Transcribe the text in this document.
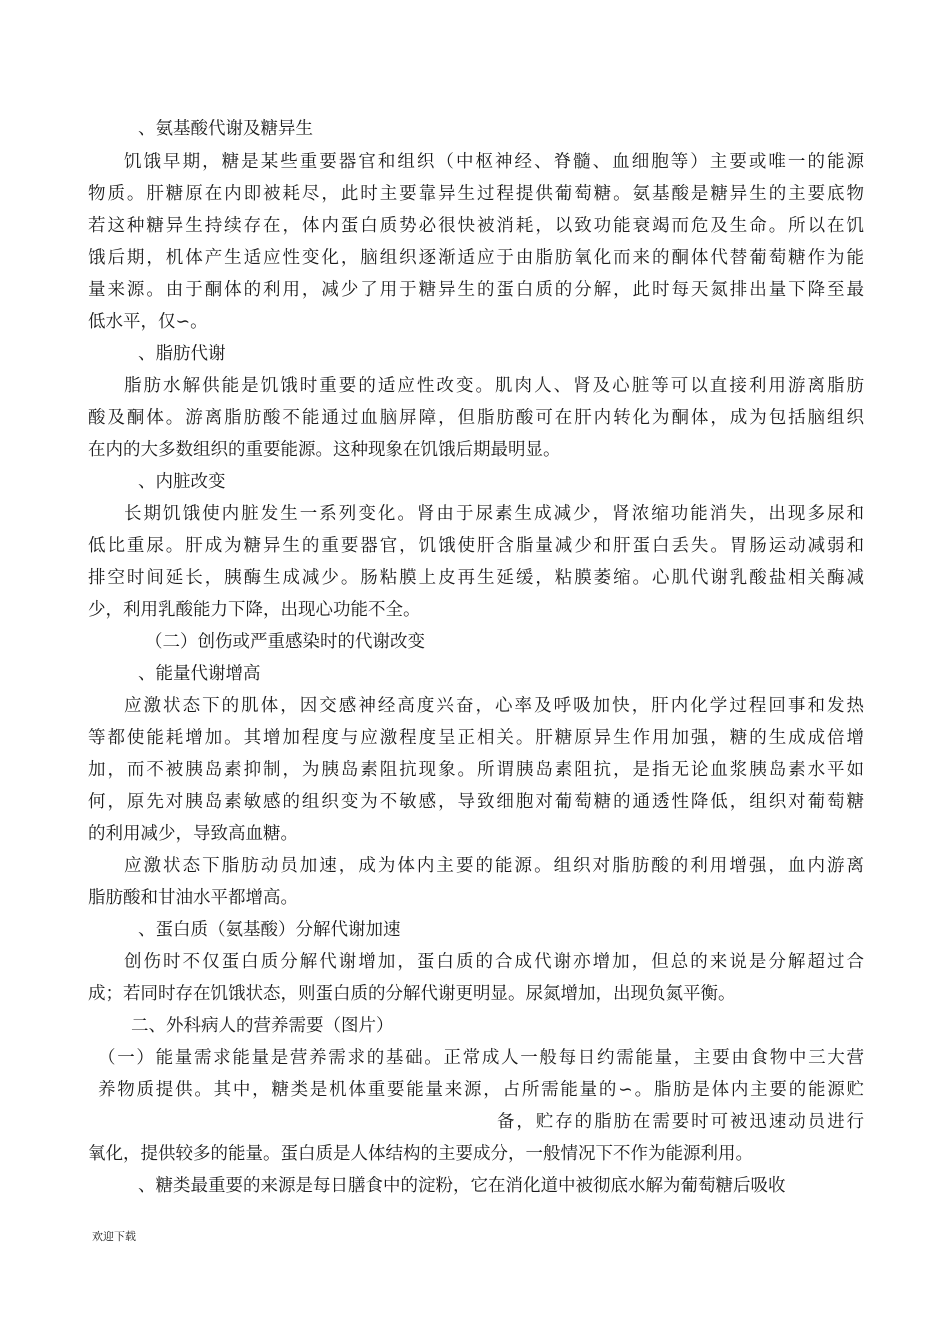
、氨基酸代谢及糖异生
饥饿早期，糖是某些重要器官和组织（中枢神经、脊髓、血细胞等）主要或唯一的能源
物质。肝糖原在内即被耗尽，此时主要靠异生过程提供葡萄糖。氨基酸是糖异生的主要底物
若这种糖异生持续存在，体内蛋白质势必很快被消耗，以致功能衰竭而危及生命。所以在饥
饿后期，机体产生适应性变化，脑组织逐渐适应于由脂肪氧化而来的酮体代替葡萄糖作为能
量来源。由于酮体的利用，减少了用于糖异生的蛋白质的分解，此时每天氮排出量下降至最
低水平，仅∽。
、脂肪代谢
脂肪水解供能是饥饿时重要的适应性改变。肌肉人、肾及心脏等可以直接利用游离脂肪
酸及酮体。游离脂肪酸不能通过血脑屏障，但脂肪酸可在肝内转化为酮体，成为包括脑组织
在内的大多数组织的重要能源。这种现象在饥饿后期最明显。
、内脏改变
长期饥饿使内脏发生一系列变化。肾由于尿素生成减少，肾浓缩功能消失，出现多尿和
低比重尿。肝成为糖异生的重要器官，饥饿使肝含脂量减少和肝蛋白丢失。胃肠运动减弱和
排空时间延长，胰酶生成减少。肠粘膜上皮再生延缓，粘膜萎缩。心肌代谢乳酸盐相关酶减
少，利用乳酸能力下降，出现心功能不全。
（二）创伤或严重感染时的代谢改变
、能量代谢增高
应激状态下的肌体，因交感神经高度兴奋，心率及呼吸加快，肝内化学过程回事和发热
等都使能耗增加。其增加程度与应激程度呈正相关。肝糖原异生作用加强，糖的生成成倍增
加，而不被胰岛素抑制，为胰岛素阻抗现象。所谓胰岛素阻抗，是指无论血浆胰岛素水平如
何，原先对胰岛素敏感的组织变为不敏感，导致细胞对葡萄糖的通透性降低，组织对葡萄糖
的利用减少，导致高血糖。
应激状态下脂肪动员加速，成为体内主要的能源。组织对脂肪酸的利用增强，血内游离
脂肪酸和甘油水平都增高。
、蛋白质（氨基酸）分解代谢加速
创伤时不仅蛋白质分解代谢增加，蛋白质的合成代谢亦增加，但总的来说是分解超过合
成；若同时存在饥饿状态，则蛋白质的分解代谢更明显。尿氮增加，出现负氮平衡。
二、外科病人的营养需要（图片）
（一）能量需求能量是营养需求的基础。正常成人一般每日约需能量，主要由食物中三大营
养物质提供。其中，糖类是机体重要能量来源，占所需能量的∽。脂肪是体内主要的能源贮
备，贮存的脂肪在需要时可被迅速动员进行
氧化，提供较多的能量。蛋白质是人体结构的主要成分，一般情况下不作为能源利用。
、糖类最重要的来源是每日膳食中的淀粉，它在消化道中被彻底水解为葡萄糖后吸收
欢迎下载
